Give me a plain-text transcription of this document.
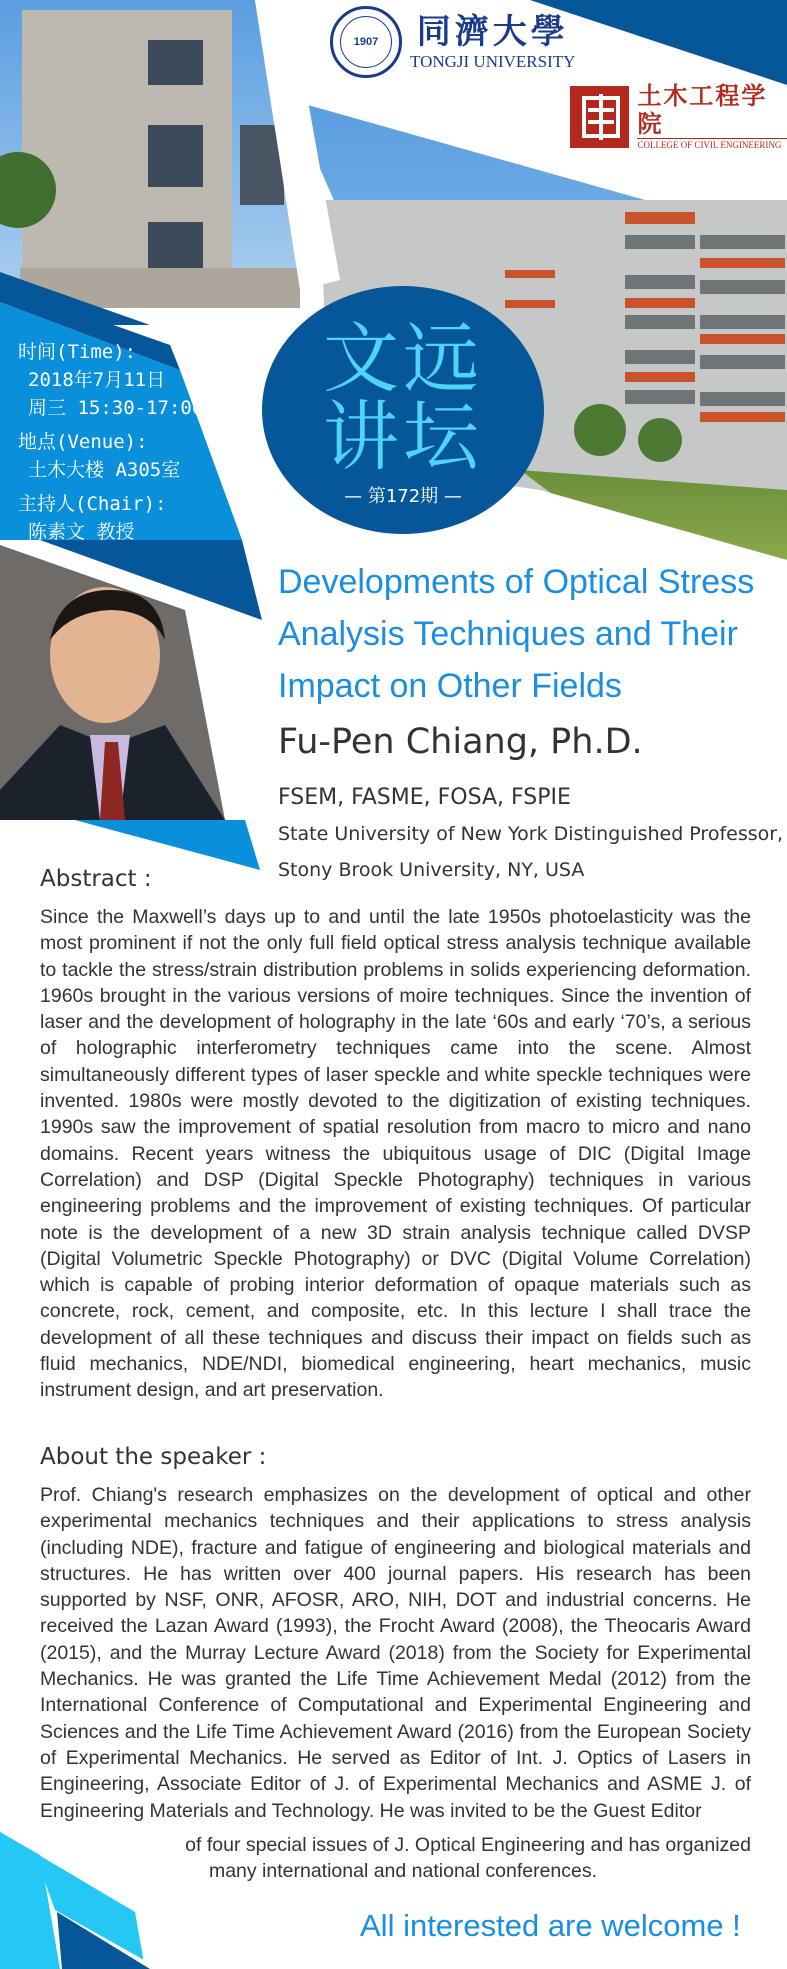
1907	同濟大學
TONGJI UNIVERSITY
土木工程学院
COLLEGE OF CIVIL ENGINEERING
时间(Time):
2018年7月11日
周三 15:30-17:00
地点(Venue):
土木大楼 A305室
主持人(Chair):
陈素文 教授
文远
讲坛
— 第172期 —
Developments of Optical Stress
Analysis Techniques and Their
Impact on Other Fields
Fu-Pen Chiang, Ph.D.
FSEM, FASME, FOSA, FSPIE
State University of New York Distinguished Professor,
Stony Brook University, NY, USA
Abstract :
Since the Maxwell’s days up to and until the late 1950s photoelasticity was the most prominent if not the only full field optical stress analysis technique available to tackle the stress/strain distribution problems in solids experiencing deformation. 1960s brought in the various versions of moire techniques. Since the invention of laser and the development of holography in the late ‘60s and early ‘70’s, a serious of holographic interferometry techniques came into the scene. Almost simultaneously different types of laser speckle and white speckle techniques were invented. 1980s were mostly devoted to the digitization of existing techniques. 1990s saw the improvement of spatial resolution from macro to micro and nano domains. Recent years witness the ubiquitous usage of DIC (Digital Image Correlation) and DSP (Digital Speckle Photography) techniques in various engineering problems and the improvement of existing techniques. Of particular note is the development of a new 3D strain analysis technique called DVSP (Digital Volumetric Speckle Photography) or DVC (Digital Volume Correlation) which is capable of probing interior deformation of opaque materials such as concrete, rock, cement, and composite, etc. In this lecture I shall trace the development of all these techniques and discuss their impact on fields such as fluid mechanics, NDE/NDI, biomedical engineering, heart mechanics, music instrument design, and art preservation.
About the speaker :
Prof. Chiang's research emphasizes on the development of optical and other experimental mechanics techniques and their applications to stress analysis (including NDE), fracture and fatigue of engineering and biological materials and structures. He has written over 400 journal papers. His research has been supported by NSF, ONR, AFOSR, ARO, NIH, DOT and industrial concerns. He received the Lazan Award (1993), the Frocht Award (2008), the Theocaris Award (2015), and the Murray Lecture Award (2018) from the Society for Experimental Mechanics. He was granted the Life Time Achievement Medal (2012) from the International Conference of Computational and Experimental Engineering and Sciences and the Life Time Achievement Award (2016) from the European Society of Experimental Mechanics. He served as Editor of Int. J. Optics of Lasers in Engineering, Associate Editor of J. of Experimental Mechanics and ASME J. of Engineering Materials and Technology. He was invited to be the Guest Editor
of four special issues of J. Optical Engineering and has organized
many international and national conferences.
All interested are welcome !
